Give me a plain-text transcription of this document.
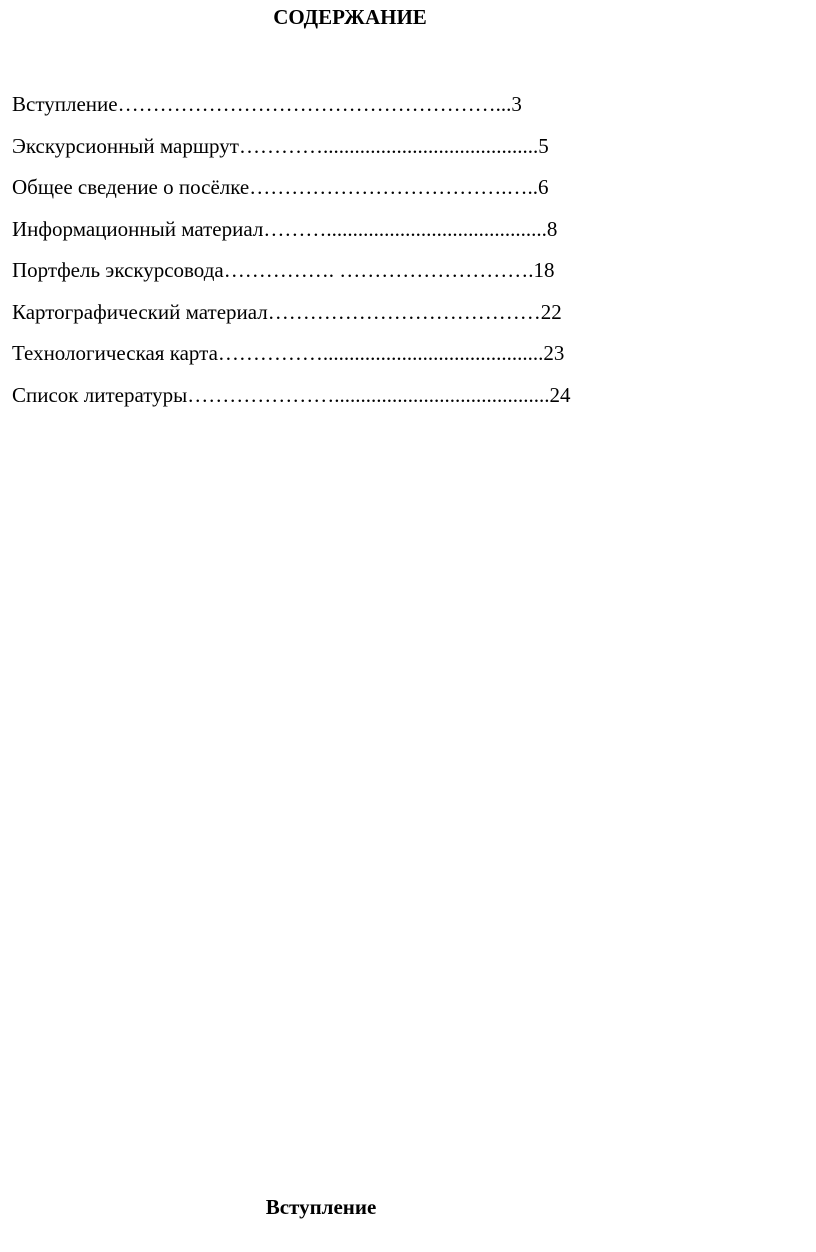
СОДЕРЖАНИЕ
Вступление………………………………………………...3
Экскурсионный маршрут………….........................................5
Общее сведение о посёлке……………………………….…..6
Информационный материал………..........................................8
Портфель экскурсовода……………. ……………………….18
Картографический материал…………………………………22
Технологическая карта……………..........................................23
Список литературы………………….........................................24
Вступление
